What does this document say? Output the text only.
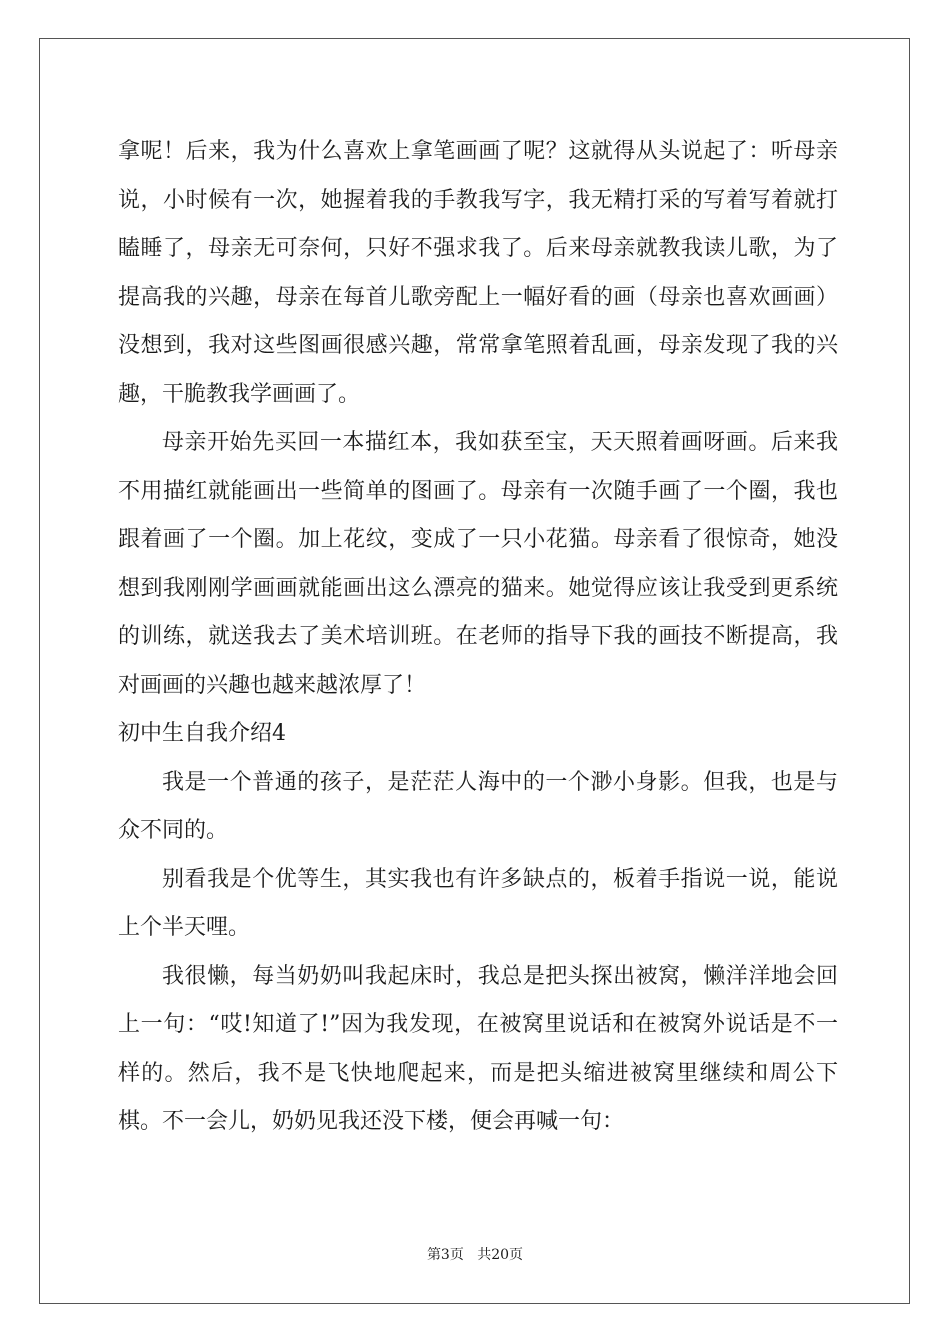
拿呢！后来，我为什么喜欢上拿笔画画了呢？这就得从头说起了：听母亲说，小时候有一次，她握着我的手教我写字，我无精打采的写着写着就打瞌睡了，母亲无可奈何，只好不强求我了。后来母亲就教我读儿歌，为了提高我的兴趣，母亲在每首儿歌旁配上一幅好看的画（母亲也喜欢画画）没想到，我对这些图画很感兴趣，常常拿笔照着乱画，母亲发现了我的兴趣，干脆教我学画画了。

母亲开始先买回一本描红本，我如获至宝，天天照着画呀画。后来我不用描红就能画出一些简单的图画了。母亲有一次随手画了一个圈，我也跟着画了一个圈。加上花纹，变成了一只小花猫。母亲看了很惊奇，她没想到我刚刚学画画就能画出这么漂亮的猫来。她觉得应该让我受到更系统的训练，就送我去了美术培训班。在老师的指导下我的画技不断提高，我对画画的兴趣也越来越浓厚了！

初中生自我介绍4

我是一个普通的孩子，是茫茫人海中的一个渺小身影。但我，也是与众不同的。

别看我是个优等生，其实我也有许多缺点的，板着手指说一说，能说上个半天哩。

我很懒，每当奶奶叫我起床时，我总是把头探出被窝，懒洋洋地会回上一句：“哎!知道了!”因为我发现，在被窝里说话和在被窝外说话是不一样的。然后，我不是飞快地爬起来，而是把头缩进被窝里继续和周公下棋。不一会儿，奶奶见我还没下楼，便会再喊一句：

第3页 共20页
